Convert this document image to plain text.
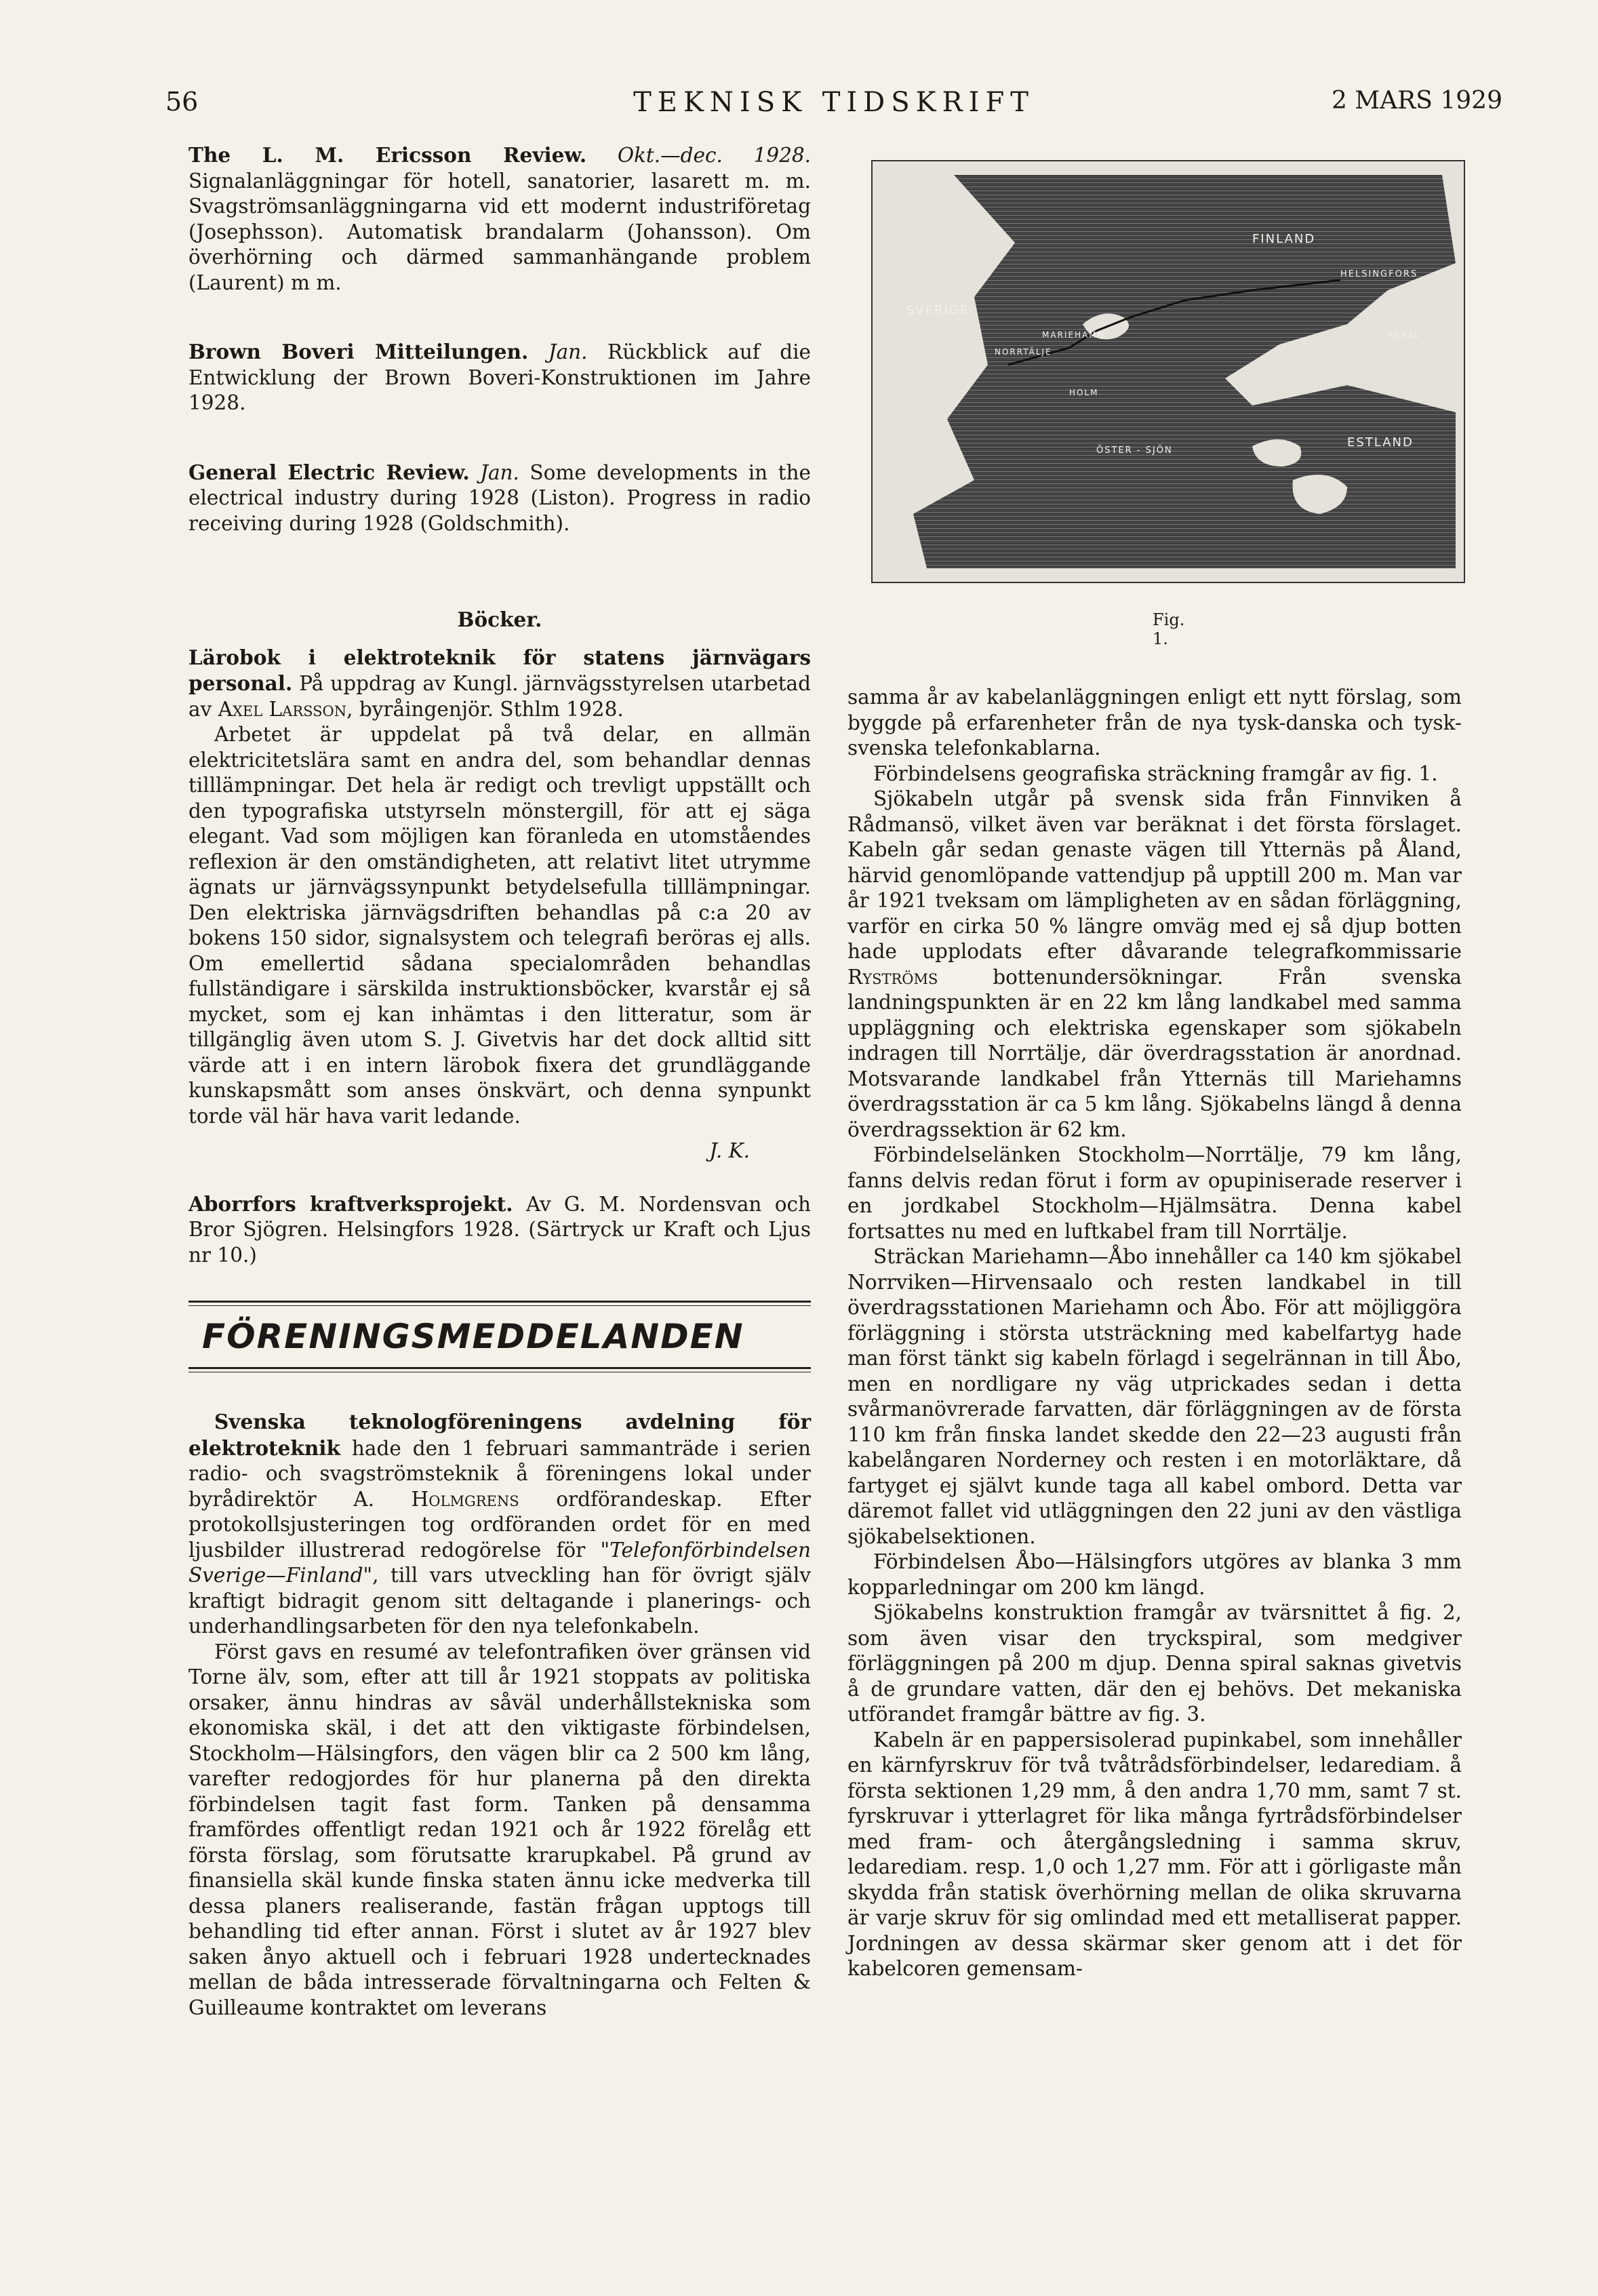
56	TEKNISK TIDSKRIFT	2 MARS 1929

The L. M. Ericsson Review. Okt.—dec. 1928. Signalanläggningar för hotell, sanatorier, lasarett m. m. Svagströmsanläggningarna vid ett modernt industriföretag (Josephsson). Automatisk brandalarm (Johansson). Om överhörning och därmed sammanhängande problem (Laurent) m m.

Brown Boveri Mitteilungen. Jan. Rückblick auf die Entwicklung der Brown Boveri-Konstruktionen im Jahre 1928.

General Electric Review. Jan. Some developments in the electrical industry during 1928 (Liston). Progress in radio receiving during 1928 (Goldschmith).

Böcker.

Lärobok i elektroteknik för statens järnvägars personal. På uppdrag av Kungl. järnvägsstyrelsen utarbetad av Axel Larsson, byråingenjör. Sthlm 1928.

Arbetet är uppdelat på två delar, en allmän elektricitetslära samt en andra del, som behandlar dennas tilllämpningar. Det hela är redigt och trevligt uppställt och den typografiska utstyrseln mönstergill, för att ej säga elegant. Vad som möjligen kan föranleda en utomståendes reflexion är den omständigheten, att relativt litet utrymme ägnats ur järnvägssynpunkt betydelsefulla tilllämpningar. Den elektriska järnvägsdriften behandlas på c:a 20 av bokens 150 sidor, signalsystem och telegrafi beröras ej alls. Om emellertid sådana specialområden behandlas fullständigare i särskilda instruktionsböcker, kvarstår ej så mycket, som ej kan inhämtas i den litteratur, som är tillgänglig även utom S. J. Givetvis har det dock alltid sitt värde att i en intern lärobok fixera det grundläggande kunskapsmått som anses önskvärt, och denna synpunkt torde väl här hava varit ledande.

J. K.

Aborrfors kraftverksprojekt. Av G. M. Nordensvan och Bror Sjögren. Helsingfors 1928. (Särtryck ur Kraft och Ljus nr 10.)

FÖRENINGSMEDDELANDEN

Svenska teknologföreningens avdelning för elektroteknik hade den 1 februari sammanträde i serien radio- och svagströmsteknik å föreningens lokal under byrådirektör A. Holmgrens ordförandeskap. Efter protokollsjusteringen tog ordföranden ordet för en med ljusbilder illustrerad redogörelse för "Telefonförbindelsen Sverige—Finland", till vars utveckling han för övrigt själv kraftigt bidragit genom sitt deltagande i planerings- och underhandlingsarbeten för den nya telefonkabeln.

Först gavs en resumé av telefontrafiken över gränsen vid Torne älv, som, efter att till år 1921 stoppats av politiska orsaker, ännu hindras av såväl underhållstekniska som ekonomiska skäl, i det att den viktigaste förbindelsen, Stockholm—Hälsingfors, den vägen blir ca 2 500 km lång, varefter redogjordes för hur planerna på den direkta förbindelsen tagit fast form. Tanken på densamma framfördes offentligt redan 1921 och år 1922 förelåg ett första förslag, som förutsatte krarupkabel. På grund av finansiella skäl kunde finska staten ännu icke medverka till dessa planers realiserande, fastän frågan upptogs till behandling tid efter annan. Först i slutet av år 1927 blev saken ånyo aktuell och i februari 1928 undertecknades mellan de båda intresserade förvaltningarna och Felten & Guilleaume kontraktet om leverans

SVERIGE
FINLAND
ESTLAND
HELSINGFORS
ÖSTER - SJÖN
MARIEHAMN
NORRTÄLJE
HOLM
REVAL
Fig. 1.

samma år av kabelanläggningen enligt ett nytt förslag, som byggde på erfarenheter från de nya tysk-danska och tysk-svenska telefonkablarna.

Förbindelsens geografiska sträckning framgår av fig. 1.

Sjökabeln utgår på svensk sida från Finnviken å Rådmansö, vilket även var beräknat i det första förslaget. Kabeln går sedan genaste vägen till Ytternäs på Åland, härvid genomlöpande vattendjup på upptill 200 m. Man var år 1921 tveksam om lämpligheten av en sådan förläggning, varför en cirka 50 % längre omväg med ej så djup botten hade upplodats efter dåvarande telegrafkommissarie Ryströms	bottenundersökningar. Från svenska landningspunkten är en 22 km lång landkabel med samma uppläggning och elektriska egenskaper som sjökabeln indragen till Norrtälje, där överdragsstation är anordnad. Motsvarande landkabel från Ytternäs till Mariehamns överdragsstation är ca 5 km lång. Sjökabelns längd å denna överdragssektion är 62 km.

Förbindelselänken Stockholm—Norrtälje, 79 km lång, fanns delvis redan förut i form av opupiniserade reserver i en jordkabel Stockholm—Hjälmsätra. Denna kabel fortsattes nu med en luftkabel fram till Norrtälje.

Sträckan Mariehamn—Åbo innehåller ca 140 km sjökabel Norrviken—Hirvensaalo och resten landkabel in till överdragsstationen Mariehamn och Åbo. För att möjliggöra förläggning i största utsträckning med kabelfartyg hade man först tänkt sig kabeln förlagd i segelrännan in till Åbo, men en nordligare ny väg utprickades sedan i detta svårmanövrerade farvatten, där förläggningen av de första 110 km från finska landet skedde den 22—23 augusti från kabelångaren Norderney och resten i en motorläktare, då fartyget ej självt kunde taga all kabel ombord. Detta var däremot fallet vid utläggningen den 22 juni av den västliga sjökabelsektionen.

Förbindelsen Åbo—Hälsingfors utgöres av blanka 3 mm kopparledningar om 200 km längd.

Sjökabelns konstruktion framgår av tvärsnittet å fig. 2, som även visar den tryckspiral, som medgiver förläggningen på 200 m djup. Denna spiral saknas givetvis å de grundare vatten, där den ej behövs. Det mekaniska utförandet framgår bättre av fig. 3.

Kabeln är en pappersisolerad pupinkabel, som innehåller en kärnfyrskruv för två tvåtrådsförbindelser, ledarediam. å första sektionen 1,29 mm, å den andra 1,70 mm, samt 7 st. fyrskruvar i ytterlagret för lika många fyrtrådsförbindelser med fram- och återgångsledning i samma skruv, ledarediam. resp. 1,0 och 1,27 mm. För att i görligaste mån skydda från statisk överhörning mellan de olika skruvarna är varje skruv för sig omlindad med ett metalliserat papper. Jordningen av dessa skärmar sker genom att i det för kabelcoren gemensam-
